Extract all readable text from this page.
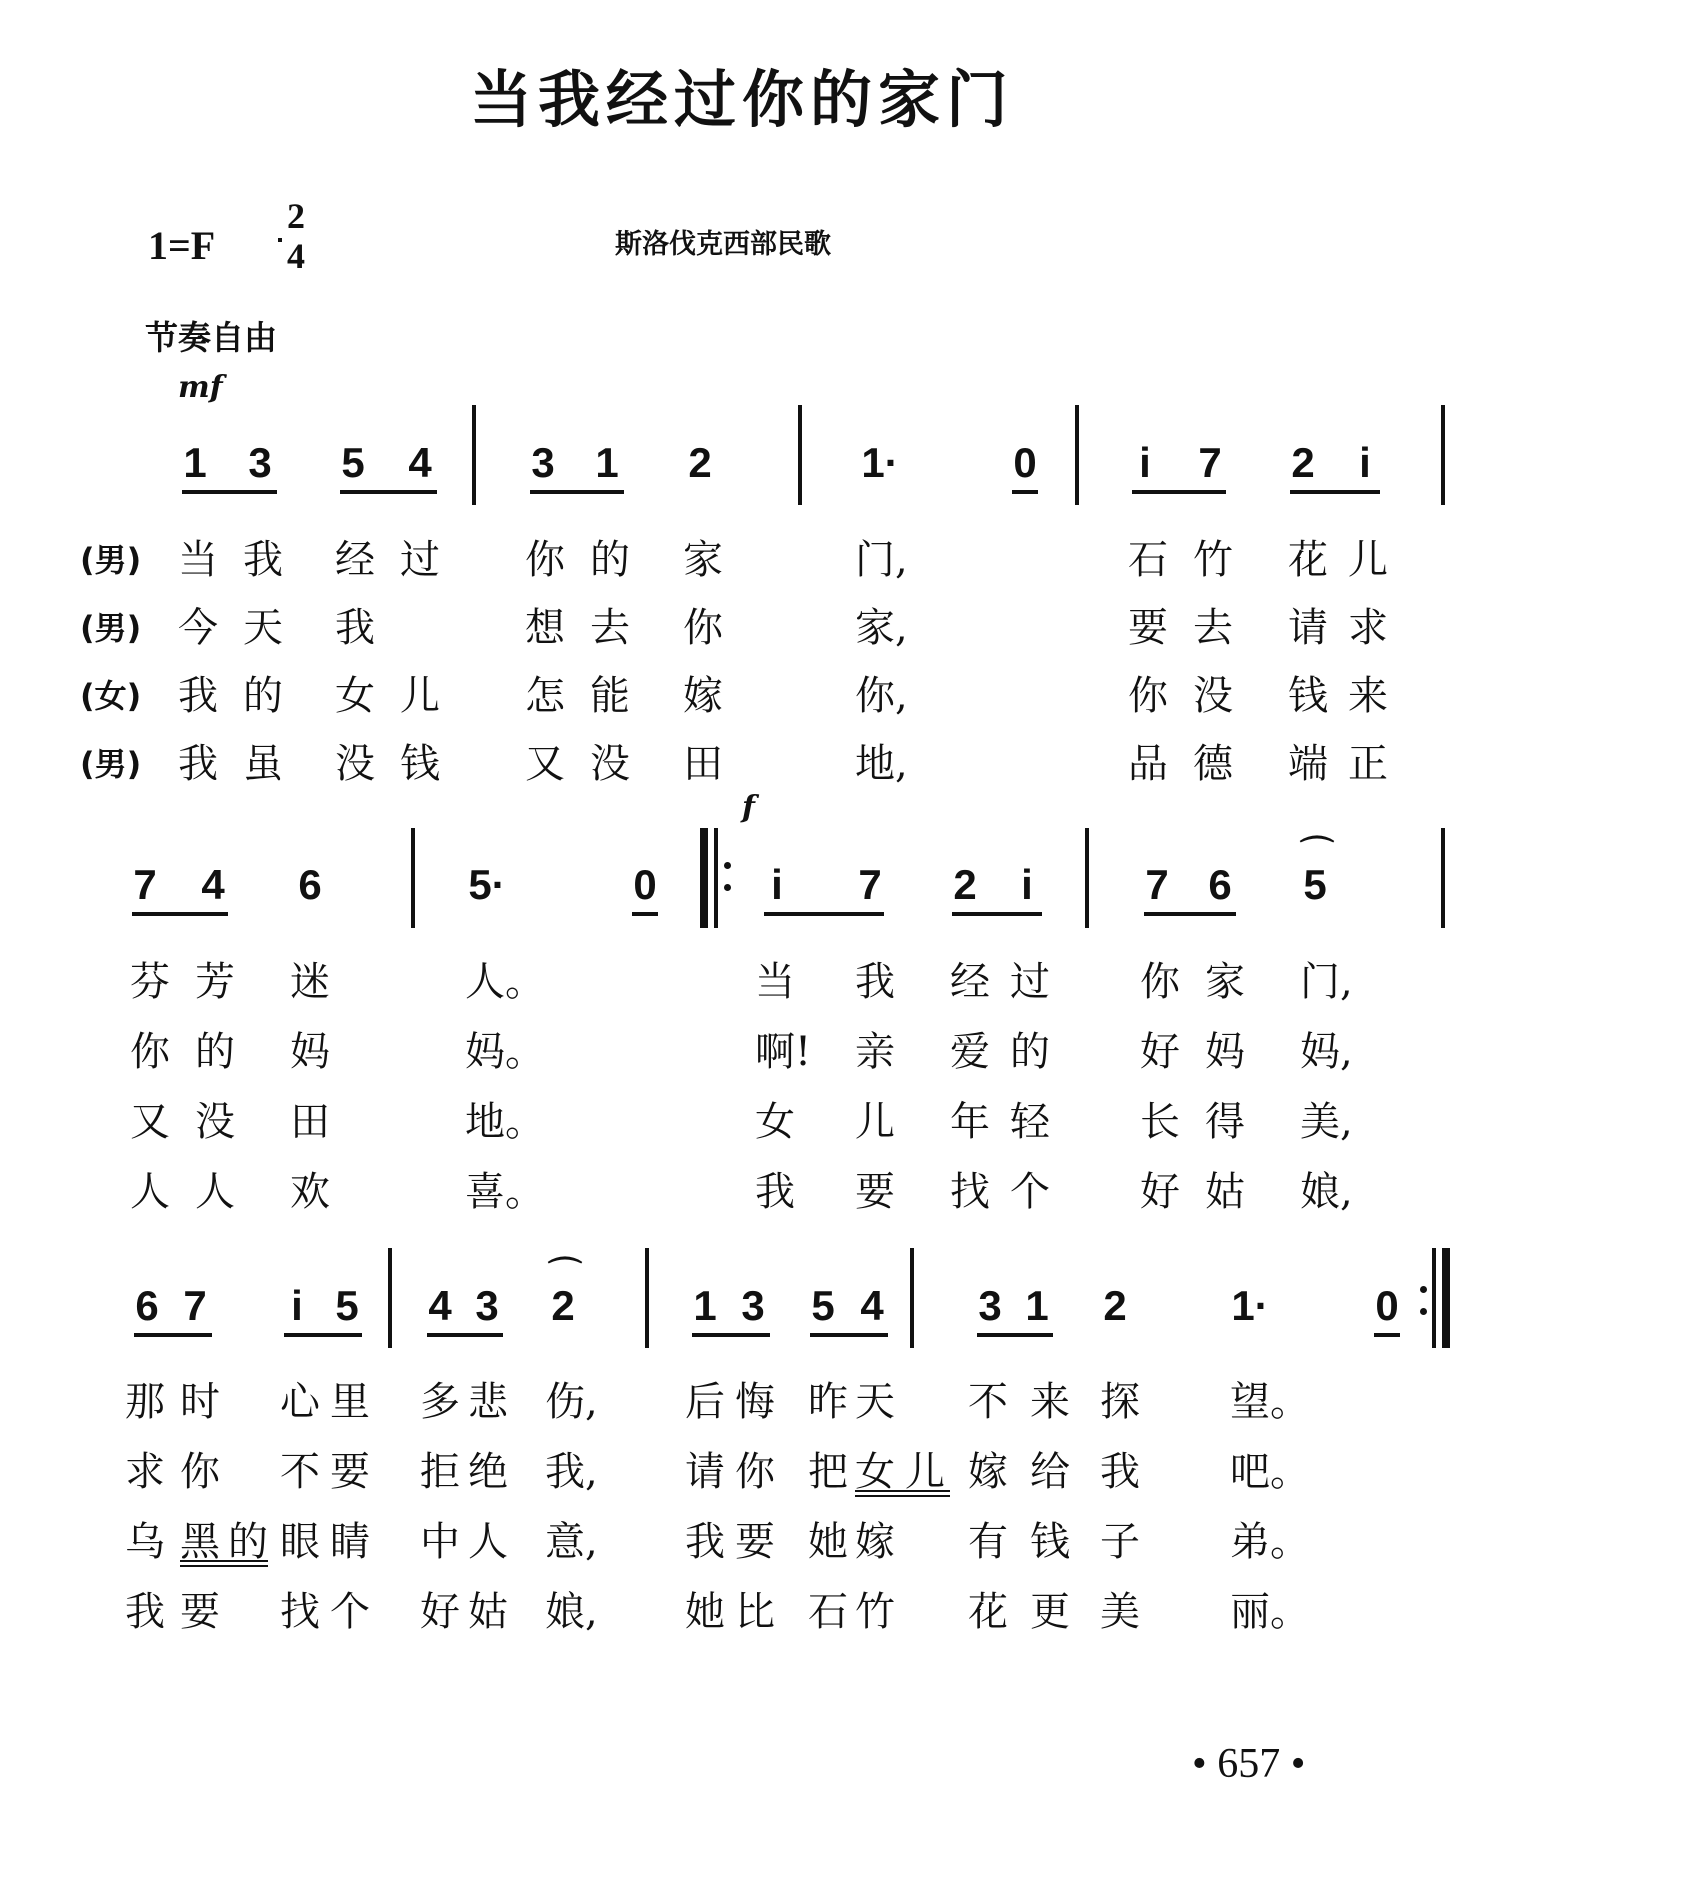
当我经过你的家门
1=F
2
4	斯洛伐克西部民歌
节奏自由
mf
1 3 5 4 3 1 2	1·	0 i 7 2 i
(男)
(男)
(女)
(男)
当 我 经 过 你 的 家	门,	石 竹 花 儿
今 天 我	想 去 你	家,	要 去 请 求
我 的 女 儿 怎 能 嫁	你,	你 没 钱 来
我 虽 没 钱 又 没 田	地,	品 德 端 正
7 4 6	5·	0
f
i 7 2 i	7 6 5
⌒
芬 芳 迷	人。	当 我 经 过 你 家 门,
你 的 妈	妈。	啊! 亲 爱 的 好 妈 妈,
又 没 田	地。	女 儿 年 轻 长 得 美,
人 人 欢	喜。	我 要 找 个 好 姑 娘,
6 7 i 5 4 3 2
⌒
1 3 5 4 3 1 2 1·	0
那 时 心 里 多 悲 伤, 后 悔 昨 天 不 来 探 望。
求 你 不 要 拒 绝 我, 请 你 把 女 儿 嫁 给 我 吧。
乌 黑 的 眼 睛 中 人 意, 我 要 她 嫁 有 钱 子 弟。
我 要 找 个 好 姑 娘, 她 比 石 竹 花 更 美 丽。
• 657 •
